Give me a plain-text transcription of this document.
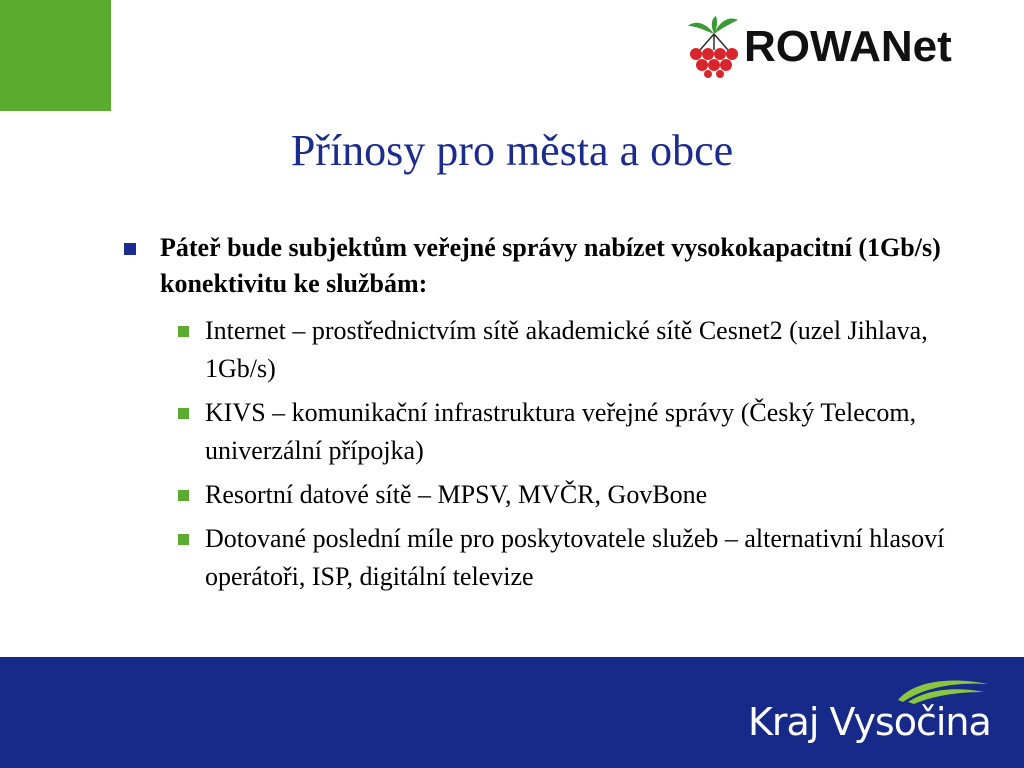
ROWANet
Přínosy pro města a obce
Páteř bude subjektům veřejné správy nabízet vysokokapacitní (1Gb/s) konektivitu ke službám:
Internet – prostřednictvím sítě akademické sítě Cesnet2 (uzel Jihlava, 1Gb/s)
KIVS – komunikační infrastruktura veřejné správy (Český Telecom, univerzální přípojka)
Resortní datové sítě – MPSV, MVČR, GovBone
Dotované poslední míle pro poskytovatele služeb – alternativní hlasoví operátoři, ISP, digitální televize
Kraj Vysočina
